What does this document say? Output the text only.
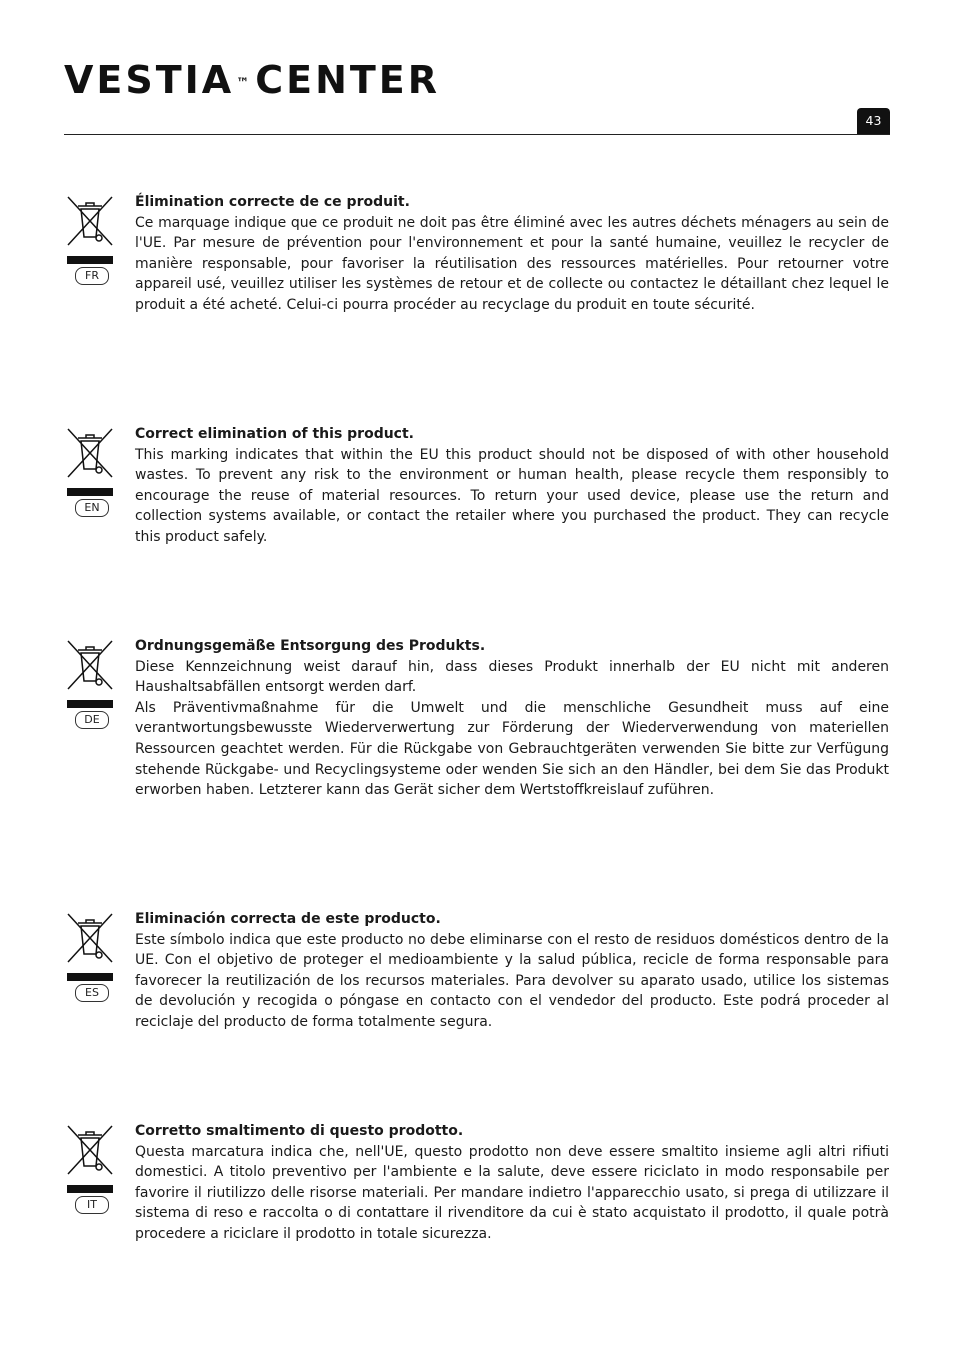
VESTIA ™ CENTER
43
FR

Élimination correcte de ce produit.

Ce marquage indique que ce produit ne doit pas être éliminé avec les autres déchets ménagers au sein de l'UE. Par mesure de prévention pour l'environnement et pour la santé humaine, veuillez le recycler de manière responsable, pour favoriser la réutilisation des ressources matérielles. Pour retourner votre appareil usé, veuillez utiliser les systèmes de retour et de collecte ou contactez le détaillant chez lequel le produit a été acheté. Celui-ci pourra procéder au recyclage du produit en toute sécurité.

EN

Correct elimination of this product.

This marking indicates that within the EU this product should not be disposed of with other household wastes. To prevent any risk to the environment or human health, please recycle them responsibly to encourage the reuse of material resources. To return your used device, please use the return and collection systems available, or contact the retailer where you purchased the product. They can recycle this product safely.

DE

Ordnungsgemäße Entsorgung des Produkts.

Diese Kennzeichnung weist darauf hin, dass dieses Produkt innerhalb der EU nicht mit anderen Haushaltsabfällen entsorgt werden darf.

Als Präventivmaßnahme für die Umwelt und die menschliche Gesundheit muss auf eine verantwortungsbewusste Wiederverwertung zur Förderung der Wiederverwendung von materiellen Ressourcen geachtet werden. Für die Rückgabe von Gebrauchtgeräten verwenden Sie bitte zur Verfügung stehende Rückgabe- und Recyclingsysteme oder wenden Sie sich an den Händler, bei dem Sie das Produkt erworben haben. Letzterer kann das Gerät sicher dem Wertstoffkreislauf zuführen.

ES

Eliminación correcta de este producto.

Este símbolo indica que este producto no debe eliminarse con el resto de residuos domésticos dentro de la UE. Con el objetivo de proteger el medioambiente y la salud pública, recicle de forma responsable para favorecer la reutilización de los recursos materiales. Para devolver su aparato usado, utilice los sistemas de devolución y recogida o póngase en contacto con el vendedor del producto. Este podrá proceder al reciclaje del producto de forma totalmente segura.

IT

Corretto smaltimento di questo prodotto.

Questa marcatura indica che, nell'UE, questo prodotto non deve essere smaltito insieme agli altri rifiuti domestici. A titolo preventivo per l'ambiente e la salute, deve essere riciclato in modo responsabile per favorire il riutilizzo delle risorse materiali. Per mandare indietro l'apparecchio usato, si prega di utilizzare il sistema di reso e raccolta o di contattare il rivenditore da cui è stato acquistato il prodotto, il quale potrà procedere a riciclare il prodotto in totale sicurezza.
